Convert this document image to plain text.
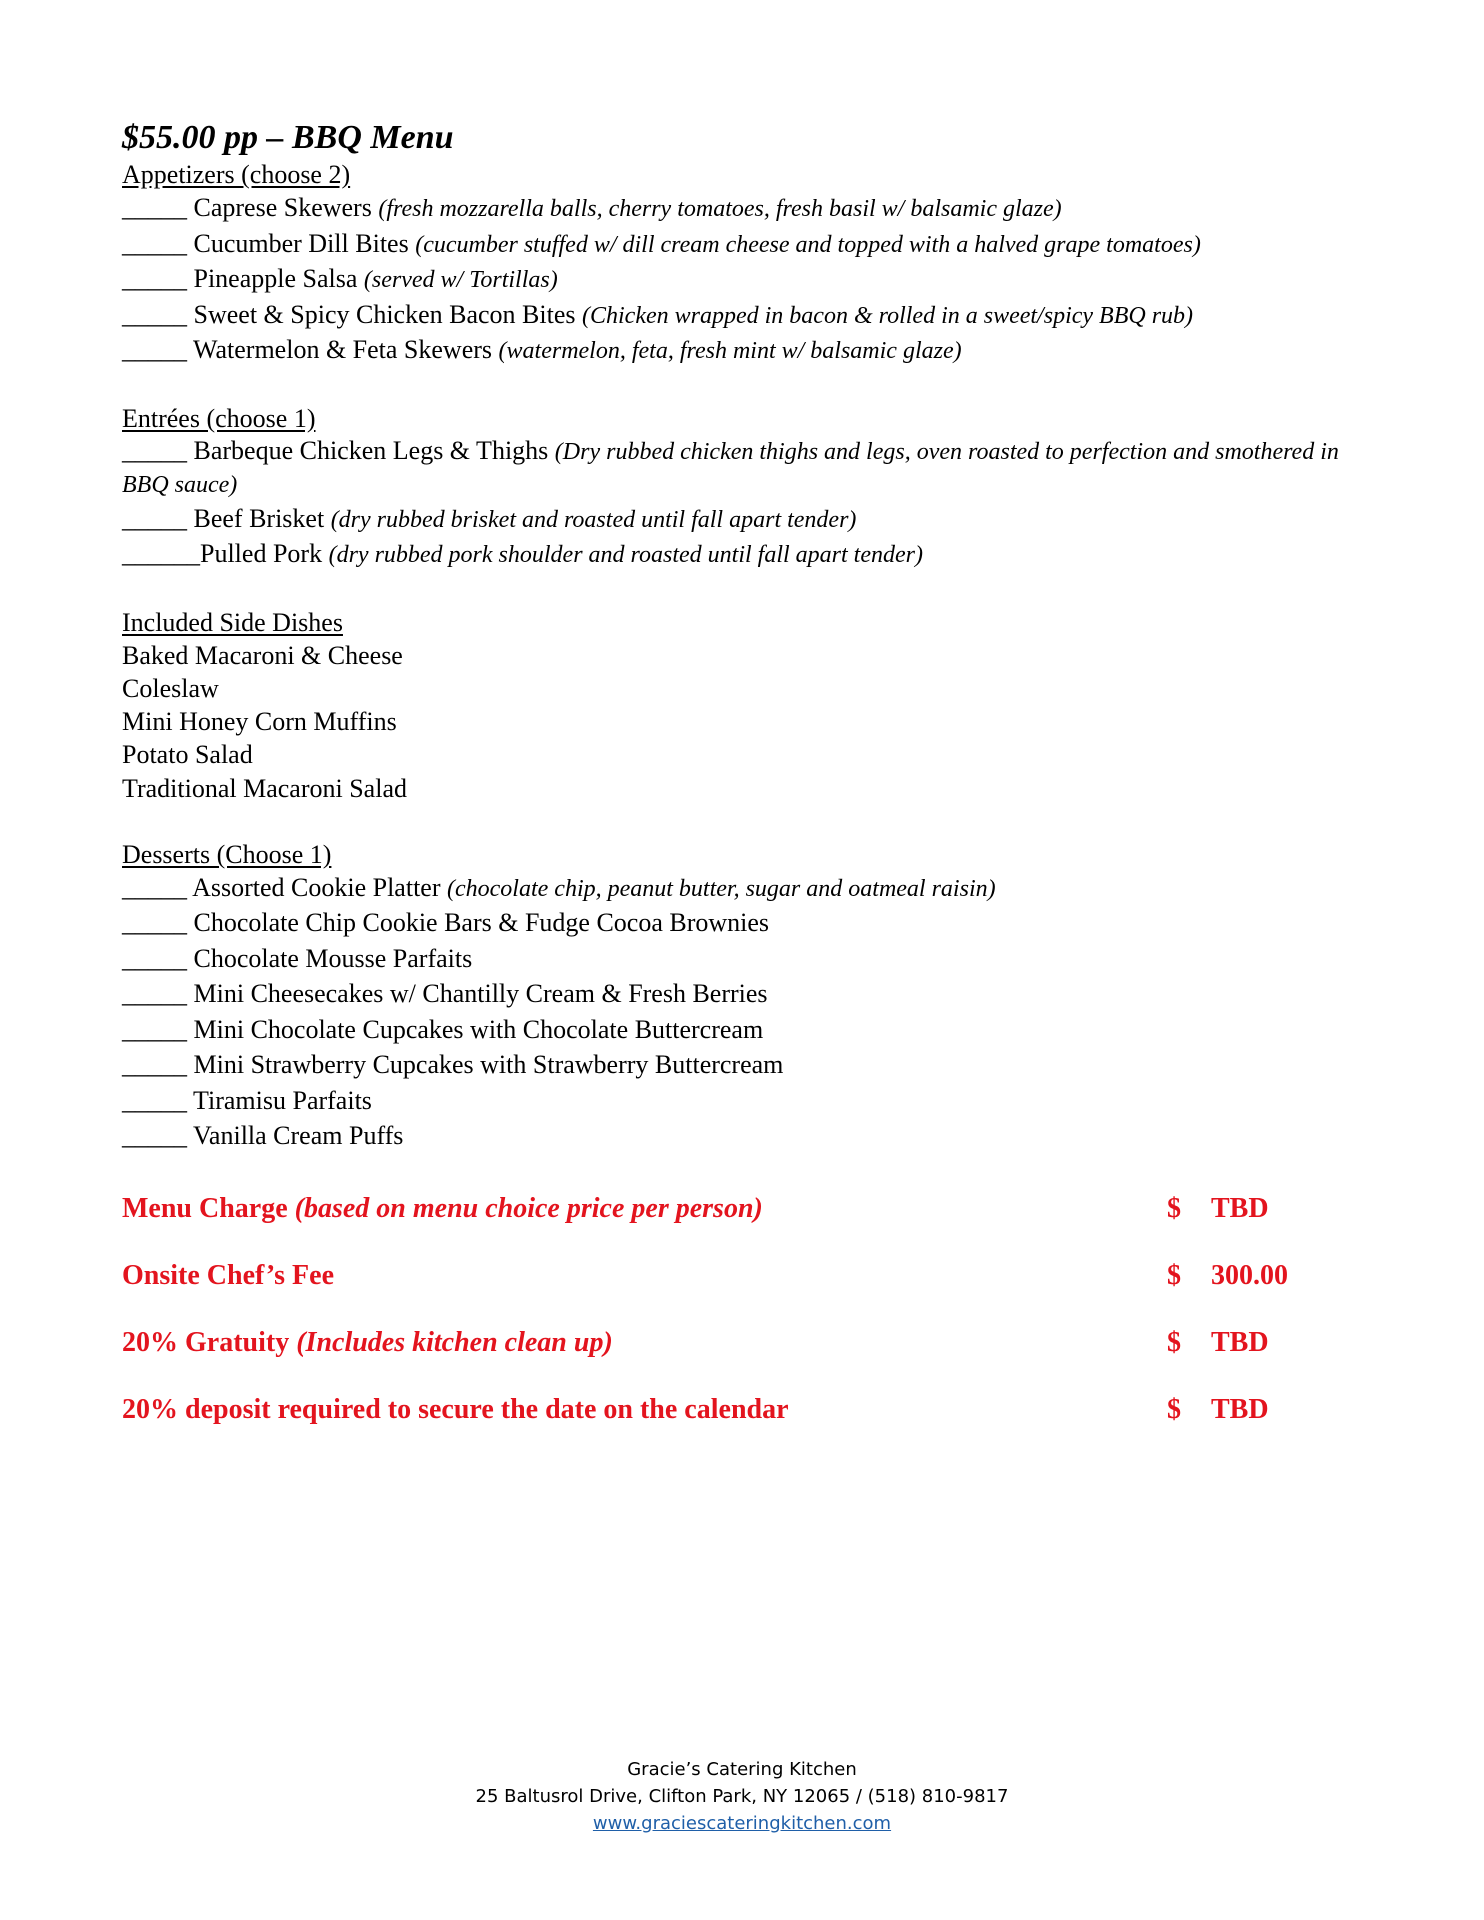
$55.00 pp – BBQ Menu

Appetizers (choose 2)

_____ Caprese Skewers (fresh mozzarella balls, cherry tomatoes, fresh basil w/ balsamic glaze)

_____ Cucumber Dill Bites (cucumber stuffed w/ dill cream cheese and topped with a halved grape tomatoes)

_____ Pineapple Salsa (served w/ Tortillas)

_____ Sweet & Spicy Chicken Bacon Bites (Chicken wrapped in bacon & rolled in a sweet/spicy BBQ rub)

_____ Watermelon & Feta Skewers (watermelon, feta, fresh mint w/ balsamic glaze)

Entrées (choose 1)

_____ Barbeque Chicken Legs & Thighs (Dry rubbed chicken thighs and legs, oven roasted to perfection and smothered in BBQ sauce)

_____ Beef Brisket (dry rubbed brisket and roasted until fall apart tender)

______Pulled Pork (dry rubbed pork shoulder and roasted until fall apart tender)

Included Side Dishes

Baked Macaroni & Cheese

Coleslaw

Mini Honey Corn Muffins

Potato Salad

Traditional Macaroni Salad

Desserts (Choose 1)

_____ Assorted Cookie Platter (chocolate chip, peanut butter, sugar and oatmeal raisin)

_____ Chocolate Chip Cookie Bars & Fudge Cocoa Brownies

_____ Chocolate Mousse Parfaits

_____ Mini Cheesecakes w/ Chantilly Cream & Fresh Berries

_____ Mini Chocolate Cupcakes with Chocolate Buttercream

_____ Mini Strawberry Cupcakes with Strawberry Buttercream

_____ Tiramisu Parfaits

_____ Vanilla Cream Puffs

Menu Charge (based on menu choice price per person)	$ TBD
Onsite Chef’s Fee	$ 300.00
20% Gratuity (Includes kitchen clean up)	$ TBD
20% deposit required to secure the date on the calendar	$ TBD
Gracie’s Catering Kitchen
25 Baltusrol Drive, Clifton Park, NY 12065 / (518) 810-9817
www.graciescateringkitchen.com
